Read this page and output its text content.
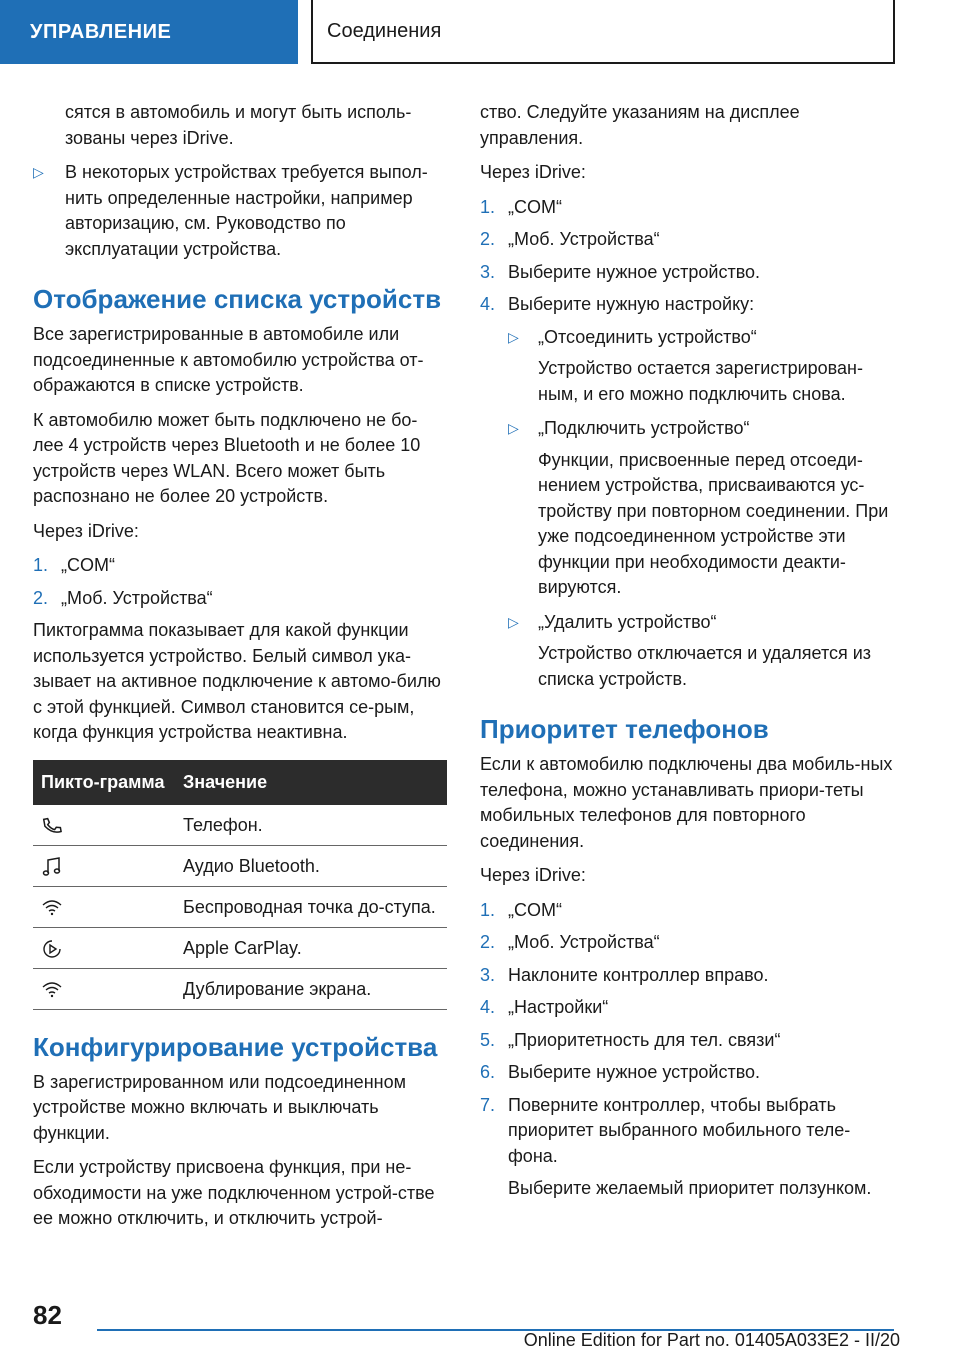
УПРАВЛЕНИЕ	Соединения

сятся в автомобиль и могут быть исполь-зованы через iDrive.

▷ В некоторых устройствах требуется выпол-нить определенные настройки, например авторизацию, см. Руководство по эксплуатации устройства.
Отображение списка устройств

Все зарегистрированные в автомобиле или подсоединенные к автомобилю устройства от-ображаются в списке устройств.

К автомобилю может быть подключено не бо-лее 4 устройств через Bluetooth и не более 10 устройств через WLAN. Всего может быть распознано не более 20 устройств.

Через iDrive:

1. „COM“
2. „Моб. Устройства“

Пиктограмма показывает для какой функции используется устройство. Белый символ ука-зывает на активное подключение к автомо-билю с этой функцией. Символ становится се-рым, когда функция устройства неактивна.

Пикто-грамма	Значение
	Телефон.
	Аудио Bluetooth.
	Беспроводная точка до-ступа.
	Apple CarPlay.
	Дублирование экрана.
Конфигурирование устройства

В зарегистрированном или подсоединенном устройстве можно включать и выключать функции.

Если устройству присвоена функция, при не-обходимости на уже подключенном устрой-стве ее можно отключить, и отключить устрой-

ство. Следуйте указаниям на дисплее управления.

Через iDrive:

1. „COM“
2. „Моб. Устройства“
3. Выберите нужное устройство.
4. Выберите нужную настройку:
▷ „Отсоединить устройство“

Устройство остается зарегистрирован-ным, и его можно подключить снова.

▷ „Подключить устройство“

Функции, присвоенные перед отсоеди-нением устройства, присваиваются ус-тройству при повторном соединении. При уже подсоединенном устройстве эти функции при необходимости деакти-вируются.

▷ „Удалить устройство“

Устройство отключается и удаляется из списка устройств.

Приоритет телефонов

Если к автомобилю подключены два мобиль-ных телефона, можно устанавливать приори-теты мобильных телефонов для повторного соединения.

Через iDrive:

1. „COM“
2. „Моб. Устройства“
3. Наклоните контроллер вправо.
4. „Настройки“
5. „Приоритетность для тел. связи“
6. Выберите нужное устройство.
7. Поверните контроллер, чтобы выбрать приоритет выбранного мобильного теле-фона.

Выберите желаемый приоритет ползунком.

82
Online Edition for Part no. 01405A033E2 - II/20
